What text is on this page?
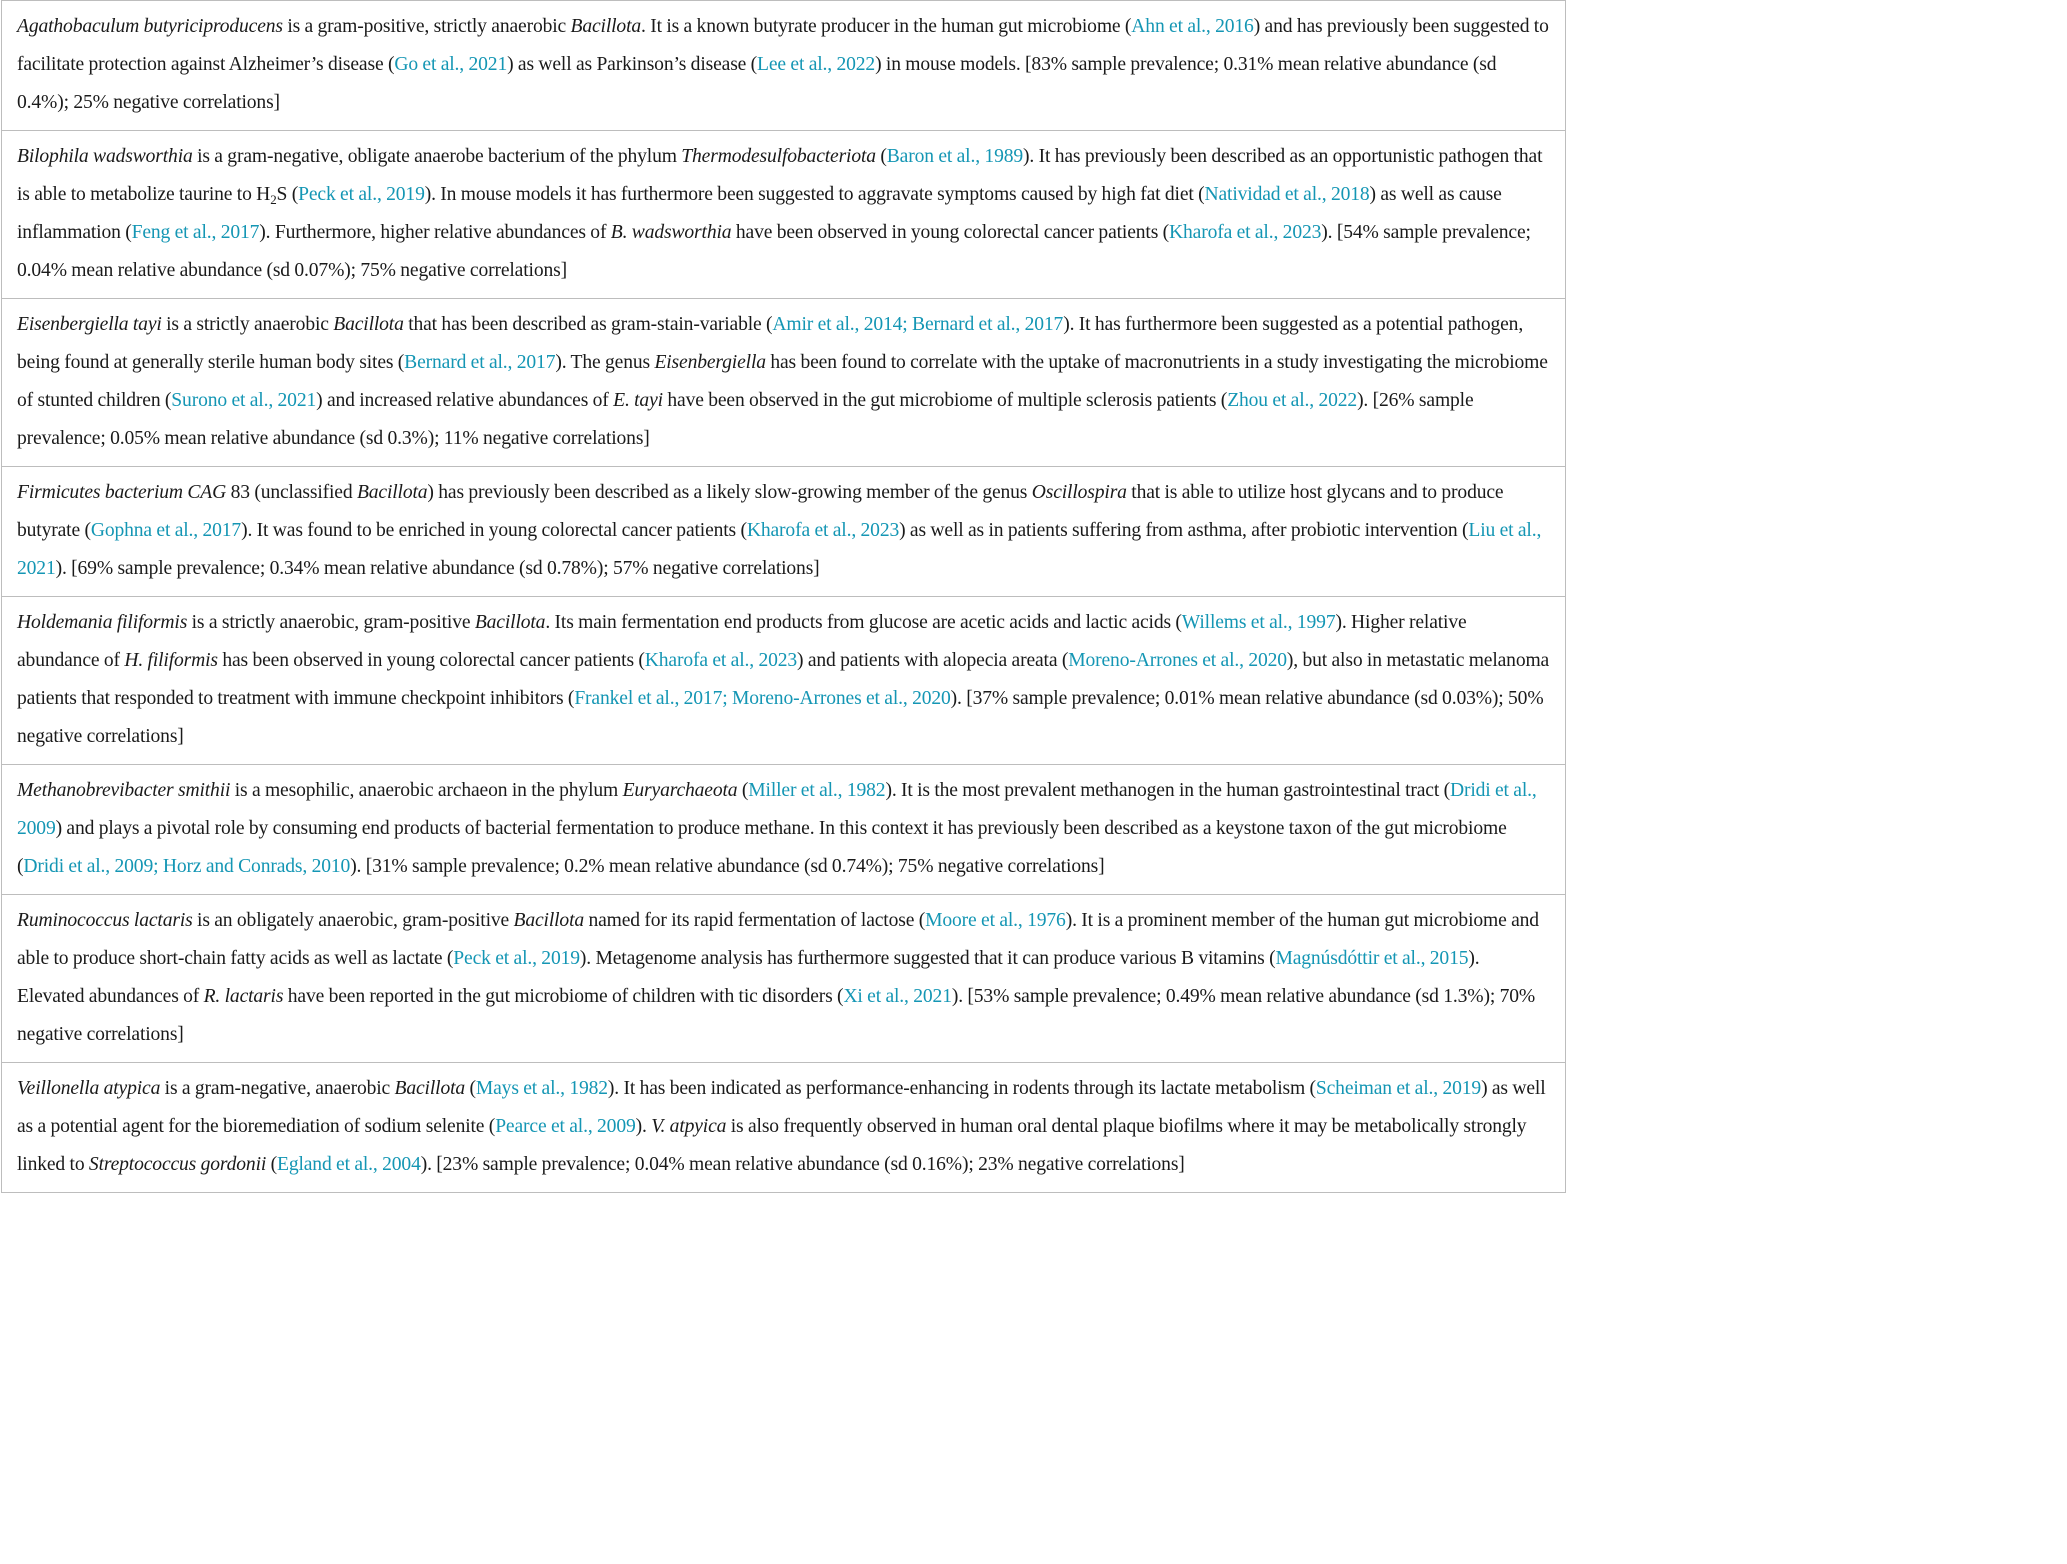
Agathobaculum butyriciproducens is a gram-positive, strictly anaerobic Bacillota. It is a known butyrate producer in the human gut microbiome (Ahn et al., 2016) and has previously been suggested to facilitate protection against Alzheimer’s disease (Go et al., 2021) as well as Parkinson’s disease (Lee et al., 2022) in mouse models. [83% sample prevalence; 0.31% mean relative abundance (sd 0.4%); 25% negative correlations]
Bilophila wadsworthia is a gram-negative, obligate anaerobe bacterium of the phylum Thermodesulfobacteriota (Baron et al., 1989). It has previously been described as an opportunistic pathogen that is able to metabolize taurine to $H_2S$ (Peck et al., 2019). In mouse models it has furthermore been suggested to aggravate symptoms caused by high fat diet (Natividad et al., 2018) as well as cause inflammation (Feng et al., 2017). Furthermore, higher relative abundances of B. wadsworthia have been observed in young colorectal cancer patients (Kharofa et al., 2023). [54% sample prevalence; 0.04% mean relative abundance (sd 0.07%); 75% negative correlations]
Eisenbergiella tayi is a strictly anaerobic Bacillota that has been described as gram-stain-variable (Amir et al., 2014; Bernard et al., 2017). It has furthermore been suggested as a potential pathogen, being found at generally sterile human body sites (Bernard et al., 2017). The genus Eisenbergiella has been found to correlate with the uptake of macronutrients in a study investigating the microbiome of stunted children (Surono et al., 2021) and increased relative abundances of E. tayi have been observed in the gut microbiome of multiple sclerosis patients (Zhou et al., 2022). [26% sample prevalence; 0.05% mean relative abundance (sd 0.3%); 11% negative correlations]
Firmicutes bacterium CAG 83 (unclassified Bacillota) has previously been described as a likely slow-growing member of the genus Oscillospira that is able to utilize host glycans and to produce butyrate (Gophna et al., 2017). It was found to be enriched in young colorectal cancer patients (Kharofa et al., 2023) as well as in patients suffering from asthma, after probiotic intervention (Liu et al., 2021). [69% sample prevalence; 0.34% mean relative abundance (sd 0.78%); 57% negative correlations]
Holdemania filiformis is a strictly anaerobic, gram-positive Bacillota. Its main fermentation end products from glucose are acetic acids and lactic acids (Willems et al., 1997). Higher relative abundance of H. filiformis has been observed in young colorectal cancer patients (Kharofa et al., 2023) and patients with alopecia areata (Moreno-Arrones et al., 2020), but also in metastatic melanoma patients that responded to treatment with immune checkpoint inhibitors (Frankel et al., 2017; Moreno-Arrones et al., 2020). [37% sample prevalence; 0.01% mean relative abundance (sd 0.03%); 50% negative correlations]
Methanobrevibacter smithii is a mesophilic, anaerobic archaeon in the phylum Euryarchaeota (Miller et al., 1982). It is the most prevalent methanogen in the human gastrointestinal tract (Dridi et al., 2009) and plays a pivotal role by consuming end products of bacterial fermentation to produce methane. In this context it has previously been described as a keystone taxon of the gut microbiome (Dridi et al., 2009; Horz and Conrads, 2010). [31% sample prevalence; 0.2% mean relative abundance (sd 0.74%); 75% negative correlations]
Ruminococcus lactaris is an obligately anaerobic, gram-positive Bacillota named for its rapid fermentation of lactose (Moore et al., 1976). It is a prominent member of the human gut microbiome and able to produce short-chain fatty acids as well as lactate (Peck et al., 2019). Metagenome analysis has furthermore suggested that it can produce various B vitamins (Magnúsdóttir et al., 2015). Elevated abundances of R. lactaris have been reported in the gut microbiome of children with tic disorders (Xi et al., 2021). [53% sample prevalence; 0.49% mean relative abundance (sd 1.3%); 70% negative correlations]
Veillonella atypica is a gram-negative, anaerobic Bacillota (Mays et al., 1982). It has been indicated as performance-enhancing in rodents through its lactate metabolism (Scheiman et al., 2019) as well as a potential agent for the bioremediation of sodium selenite (Pearce et al., 2009). V. atpyica is also frequently observed in human oral dental plaque biofilms where it may be metabolically strongly linked to Streptococcus gordonii (Egland et al., 2004). [23% sample prevalence; 0.04% mean relative abundance (sd 0.16%); 23% negative correlations]
